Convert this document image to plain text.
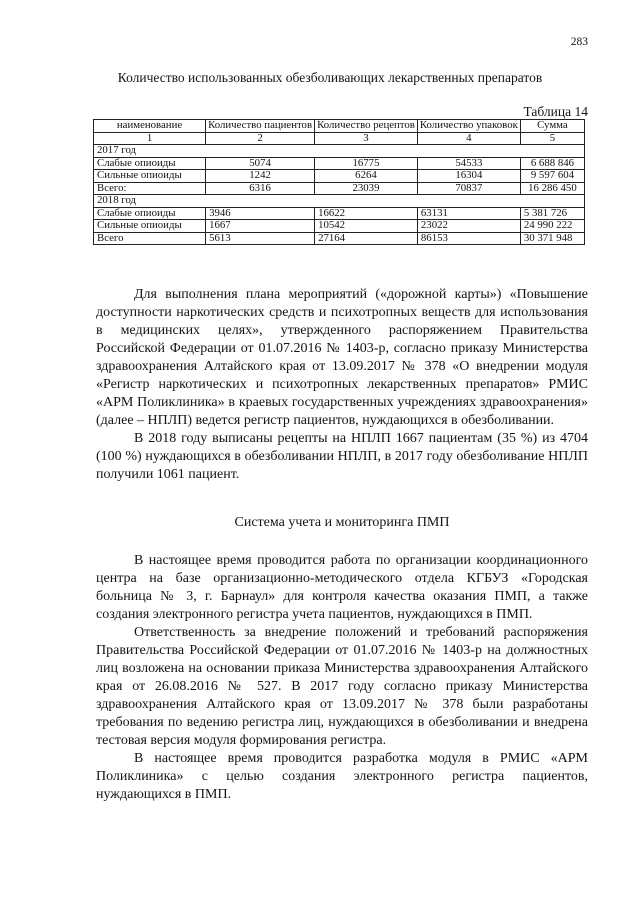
283
Количество использованных обезболивающих лекарственных препаратов
Таблица 14
наименование	Количество пациентов	Количество рецептов	Количество упаковок	Сумма
1	2	3	4	5
2017 год				
Слабые опиоиды	5074	16775	54533	6 688 846
Сильные опиоиды	1242	6264	16304	9 597 604
Всего:	6316	23039	70837	16 286 450
2018 год				
Слабые опиоиды	3946	16622	63131	5 381 726
Сильные опиоиды	1667	10542	23022	24 990 222
Всего	5613	27164	86153	30 371 948

Для выполнения плана мероприятий («дорожной карты») «Повышение доступности наркотических средств и психотропных веществ для использования в медицинских целях», утвержденного распоряжением Правительства Российской Федерации от 01.07.2016 № 1403-р, согласно приказу Министерства здравоохранения Алтайского края от 13.09.2017 № 378 «О внедрении модуля «Регистр наркотических и психотропных лекарственных препаратов» РМИС «АРМ Поликлиника» в краевых государственных учреждениях здравоохранения» (далее – НПЛП) ведется регистр пациентов, нуждающихся в обезболивании.

В 2018 году выписаны рецепты на НПЛП 1667 пациентам (35 %) из 4704 (100 %) нуждающихся в обезболивании НПЛП, в 2017 году обезболивание НПЛП получили 1061 пациент.

Система учета и мониторинга ПМП

В настоящее время проводится работа по организации координационного центра на базе организационно-методического отдела КГБУЗ «Городская больница № 3, г. Барнаул» для контроля качества оказания ПМП, а также создания электронного регистра учета пациентов, нуждающихся в ПМП.

Ответственность за внедрение положений и требований распоряжения Правительства Российской Федерации от 01.07.2016 № 1403-р на должностных лиц возложена на основании приказа Министерства здравоохранения Алтайского края от 26.08.2016 № 527. В 2017 году согласно приказу Министерства здравоохранения Алтайского края от 13.09.2017 № 378 были разработаны требования по ведению регистра лиц, нуждающихся в обезболивании и внедрена тестовая версия модуля формирования регистра.

В настоящее время проводится разработка модуля в РМИС «АРМ Поликлиника» с целью создания электронного регистра пациентов, нуждающихся в ПМП.
